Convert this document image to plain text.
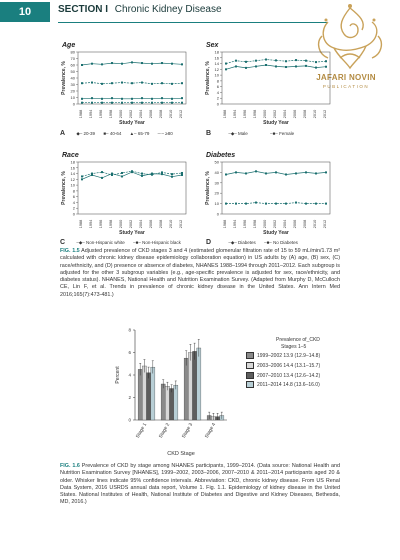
10	SECTION I Chronic Kidney Disease
JAFARI NOVIN
PUBLICATION
Age	Sex
Race	Diabetes
0
10
20
30
40
50
60
70
80
1988 1994 1996 1998 2000 2002 2004 2006 2008 2010 2012
Study Year
Prevalence, %
0
2
4
6
8
10
12
14
16
18
1988 1994 1996 1998 2000 2002 2004 2006 2008 2010 2012
Study Year
Prevalence, %
0
2
4
6
8
10
12
14
16
18
1988 1994 1996 1998 2000 2002 2004 2006 2008 2010 2012
Study Year
Prevalence, %
0
10
20
30
40
50
1988 1994 1996 1998 2000 2002 2004 2006 2008 2010 2012
Study Year
Prevalence, %
A	◆– 20-39 ■– 40-64 ▲– 65-79 –⋅– ≥80	B	–◆– Male	–■– Female
C	–◆– Non-Hispanic white –■– Non-Hispanic black	D	–◆– Diabetes –■– No Diabetes
FIG. 1.5 Adjusted prevalence of CKD stages 3 and 4 (estimated glomerular filtration rate of 15 to 59 mL/min/1.73 m² calculated with chronic kidney disease epidemiology collaboration equation) in US adults by (A) age, (B) sex, (C) race/ethnicity, and (D) presence or absence of diabetes, NHANES 1988–1994 through 2011–2012. Each subgroup is adjusted for the other 3 subgroup variables (e.g., age-specific prevalence is adjusted for sex, race/ethnicity, and diabetes status). NHANES, National Health and Nutrition Examination Survey. (Adapted from Murphy D, McCulloch CE, Lin F, et al. Trends in prevalence of chronic kidney disease in the United States. Ann Intern Med 2016;165(7):473-481.)
0
2
4
6
8
Percent
Stage 1 Stage 2 Stage 3 Stage 4
CKD Stage
Prevalence of_CKD
Stages 1–5
1999–2002 13.9 (12.9–14.8)
2003–2006 14.4 (13.1–15.7)
2007–2010 13.4 (12.6–14.2)
2011–2014 14.8 (13.6–16.0)
FIG. 1.6 Prevalence of CKD by stage among NHANES participants, 1999–2014. (Data source: National Health and Nutrition Examination Survey [NHANES], 1999–2002, 2003–2006, 2007–2010 & 2011–2014 participants aged 20 & older. Whisker lines indicate 95% confidence intervals. Abbreviation: CKD, chronic kidney disease. From US Renal Data System, 2016 USRDS annual data report, Volume 1. Fig. 1.1. Epidemiology of kidney disease in the United States. National Institutes of Health, National Institute of Diabetes and Digestive and Kidney Diseases, Bethesda, MD, 2016.)
